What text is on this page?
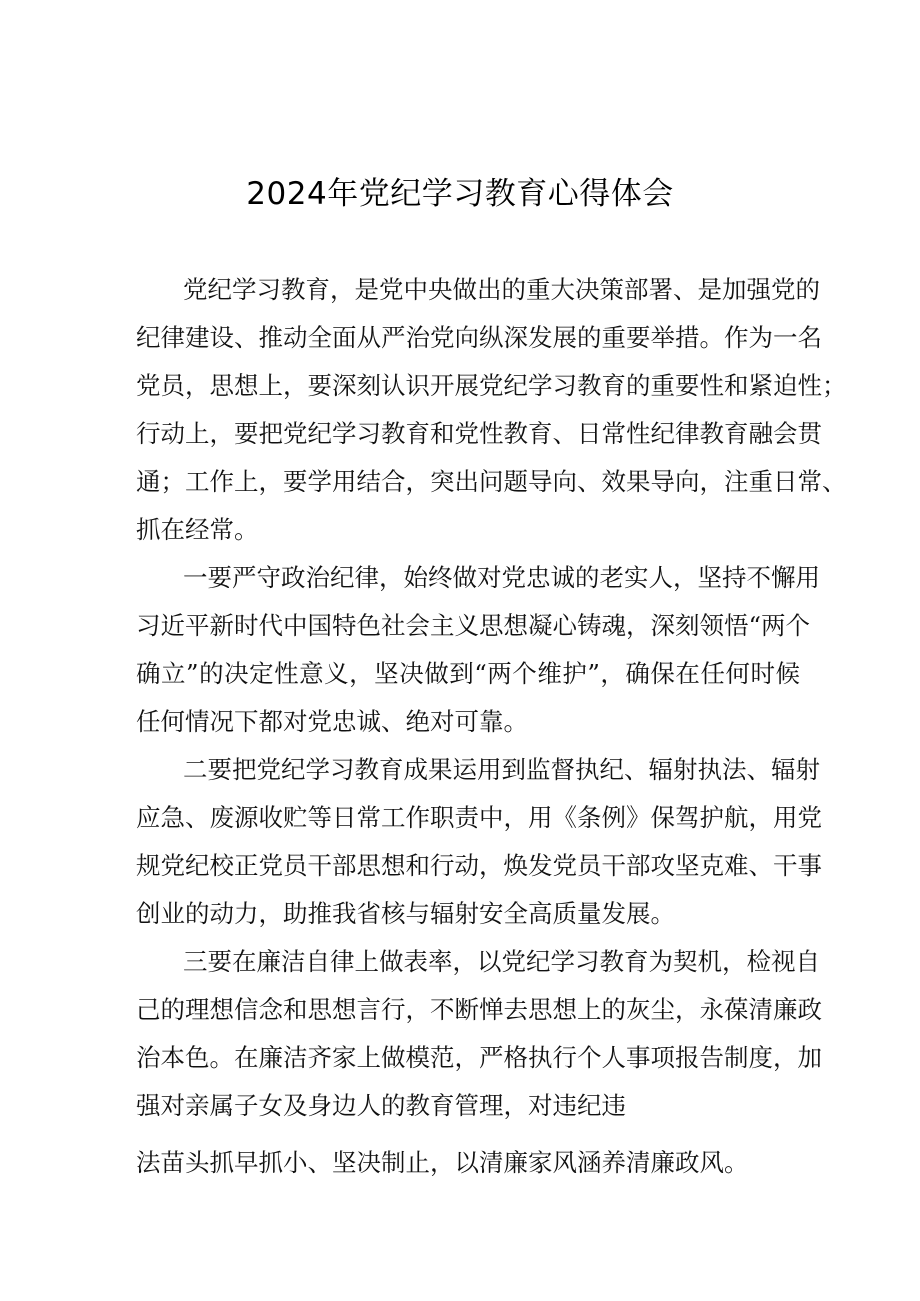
2024年党纪学习教育心得体会
党纪学习教育，是党中央做出的重大决策部署、是加强党的
纪律建设、推动全面从严治党向纵深发展的重要举措。作为一名
党员，思想上，要深刻认识开展党纪学习教育的重要性和紧迫性；
行动上，要把党纪学习教育和党性教育、日常性纪律教育融会贯
通；工作上，要学用结合，突出问题导向、效果导向，注重日常、
抓在经常。
一要严守政治纪律，始终做对党忠诚的老实人，坚持不懈用
习近平新时代中国特色社会主义思想凝心铸魂，深刻领悟“两个
确立”的决定性意义，坚决做到“两个维护”，确保在任何时候
任何情况下都对党忠诚、绝对可靠。
二要把党纪学习教育成果运用到监督执纪、辐射执法、辐射
应急、废源收贮等日常工作职责中，用《条例》保驾护航，用党
规党纪校正党员干部思想和行动，焕发党员干部攻坚克难、干事
创业的动力，助推我省核与辐射安全高质量发展。
三要在廉洁自律上做表率，以党纪学习教育为契机，检视自
己的理想信念和思想言行，不断惮去思想上的灰尘，永葆清廉政
治本色。在廉洁齐家上做模范，严格执行个人事项报告制度，加
强对亲属子女及身边人的教育管理，对违纪违
法苗头抓早抓小、坚决制止，以清廉家风涵养清廉政风。
